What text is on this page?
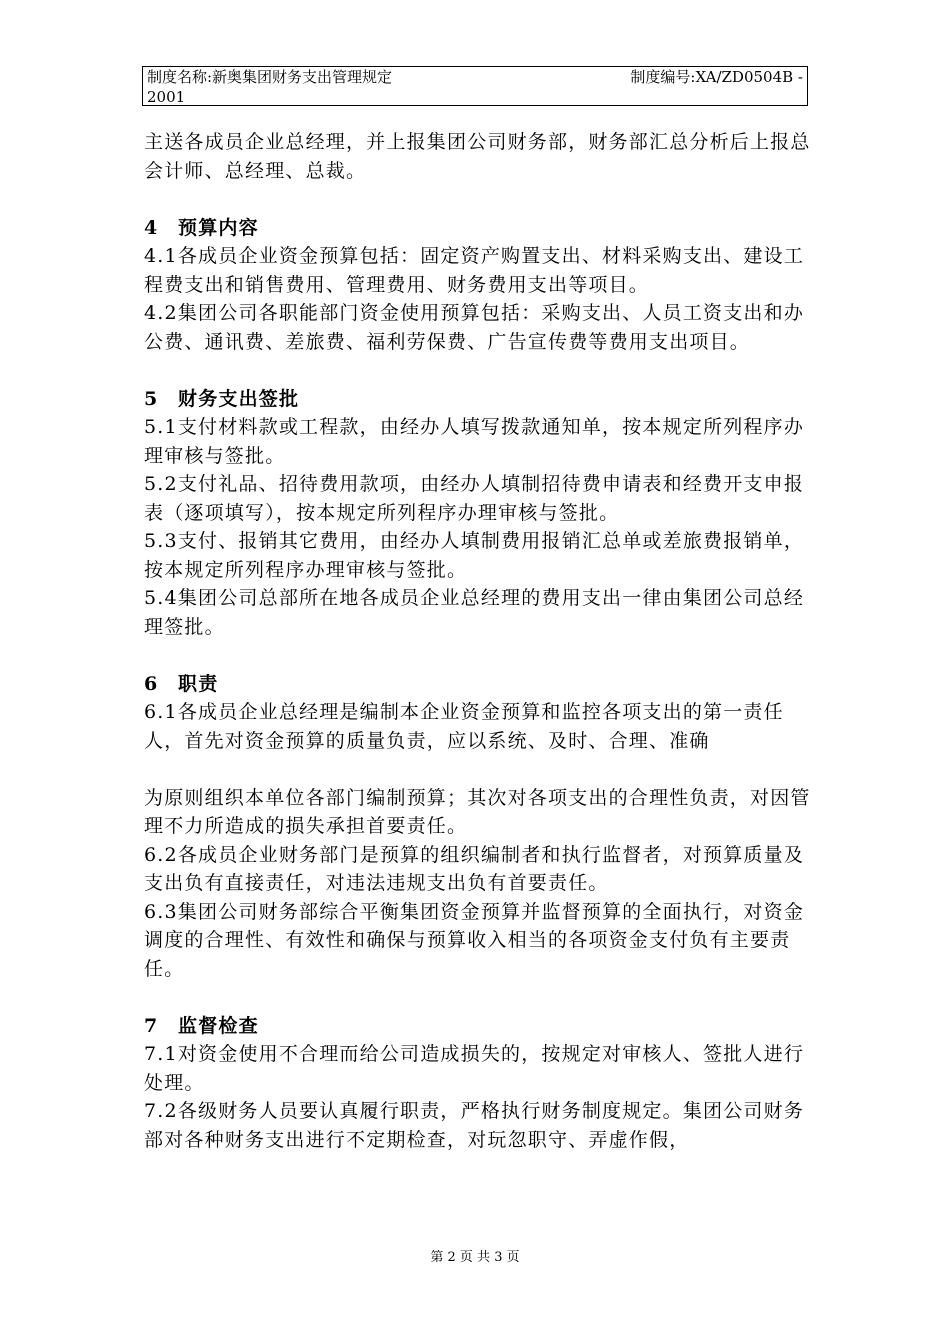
制度名称:新奥集团财务支出管理规定	制度编号:XA/ZD0504B -
2001

主送各成员企业总经理，并上报集团公司财务部，财务部汇总分析后上报总会计师、总经理、总裁。

4 预算内容

4.1各成员企业资金预算包括：固定资产购置支出、材料采购支出、建设工程费支出和销售费用、管理费用、财务费用支出等项目。

4.2集团公司各职能部门资金使用预算包括：采购支出、人员工资支出和办公费、通讯费、差旅费、福利劳保费、广告宣传费等费用支出项目。

5 财务支出签批

5.1支付材料款或工程款，由经办人填写拨款通知单，按本规定所列程序办理审核与签批。

5.2支付礼品、招待费用款项，由经办人填制招待费申请表和经费开支申报表（逐项填写），按本规定所列程序办理审核与签批。

5.3支付、报销其它费用，由经办人填制费用报销汇总单或差旅费报销单，按本规定所列程序办理审核与签批。

5.4集团公司总部所在地各成员企业总经理的费用支出一律由集团公司总经理签批。

6 职责

6.1各成员企业总经理是编制本企业资金预算和监控各项支出的第一责任人，首先对资金预算的质量负责，应以系统、及时、合理、准确

为原则组织本单位各部门编制预算；其次对各项支出的合理性负责，对因管理不力所造成的损失承担首要责任。

6.2各成员企业财务部门是预算的组织编制者和执行监督者，对预算质量及支出负有直接责任，对违法违规支出负有首要责任。

6.3集团公司财务部综合平衡集团资金预算并监督预算的全面执行，对资金调度的合理性、有效性和确保与预算收入相当的各项资金支付负有主要责任。

7 监督检查

7.1对资金使用不合理而给公司造成损失的，按规定对审核人、签批人进行处理。

7.2各级财务人员要认真履行职责，严格执行财务制度规定。集团公司财务部对各种财务支出进行不定期检查，对玩忽职守、弄虚作假，

第 2 页 共 3 页
